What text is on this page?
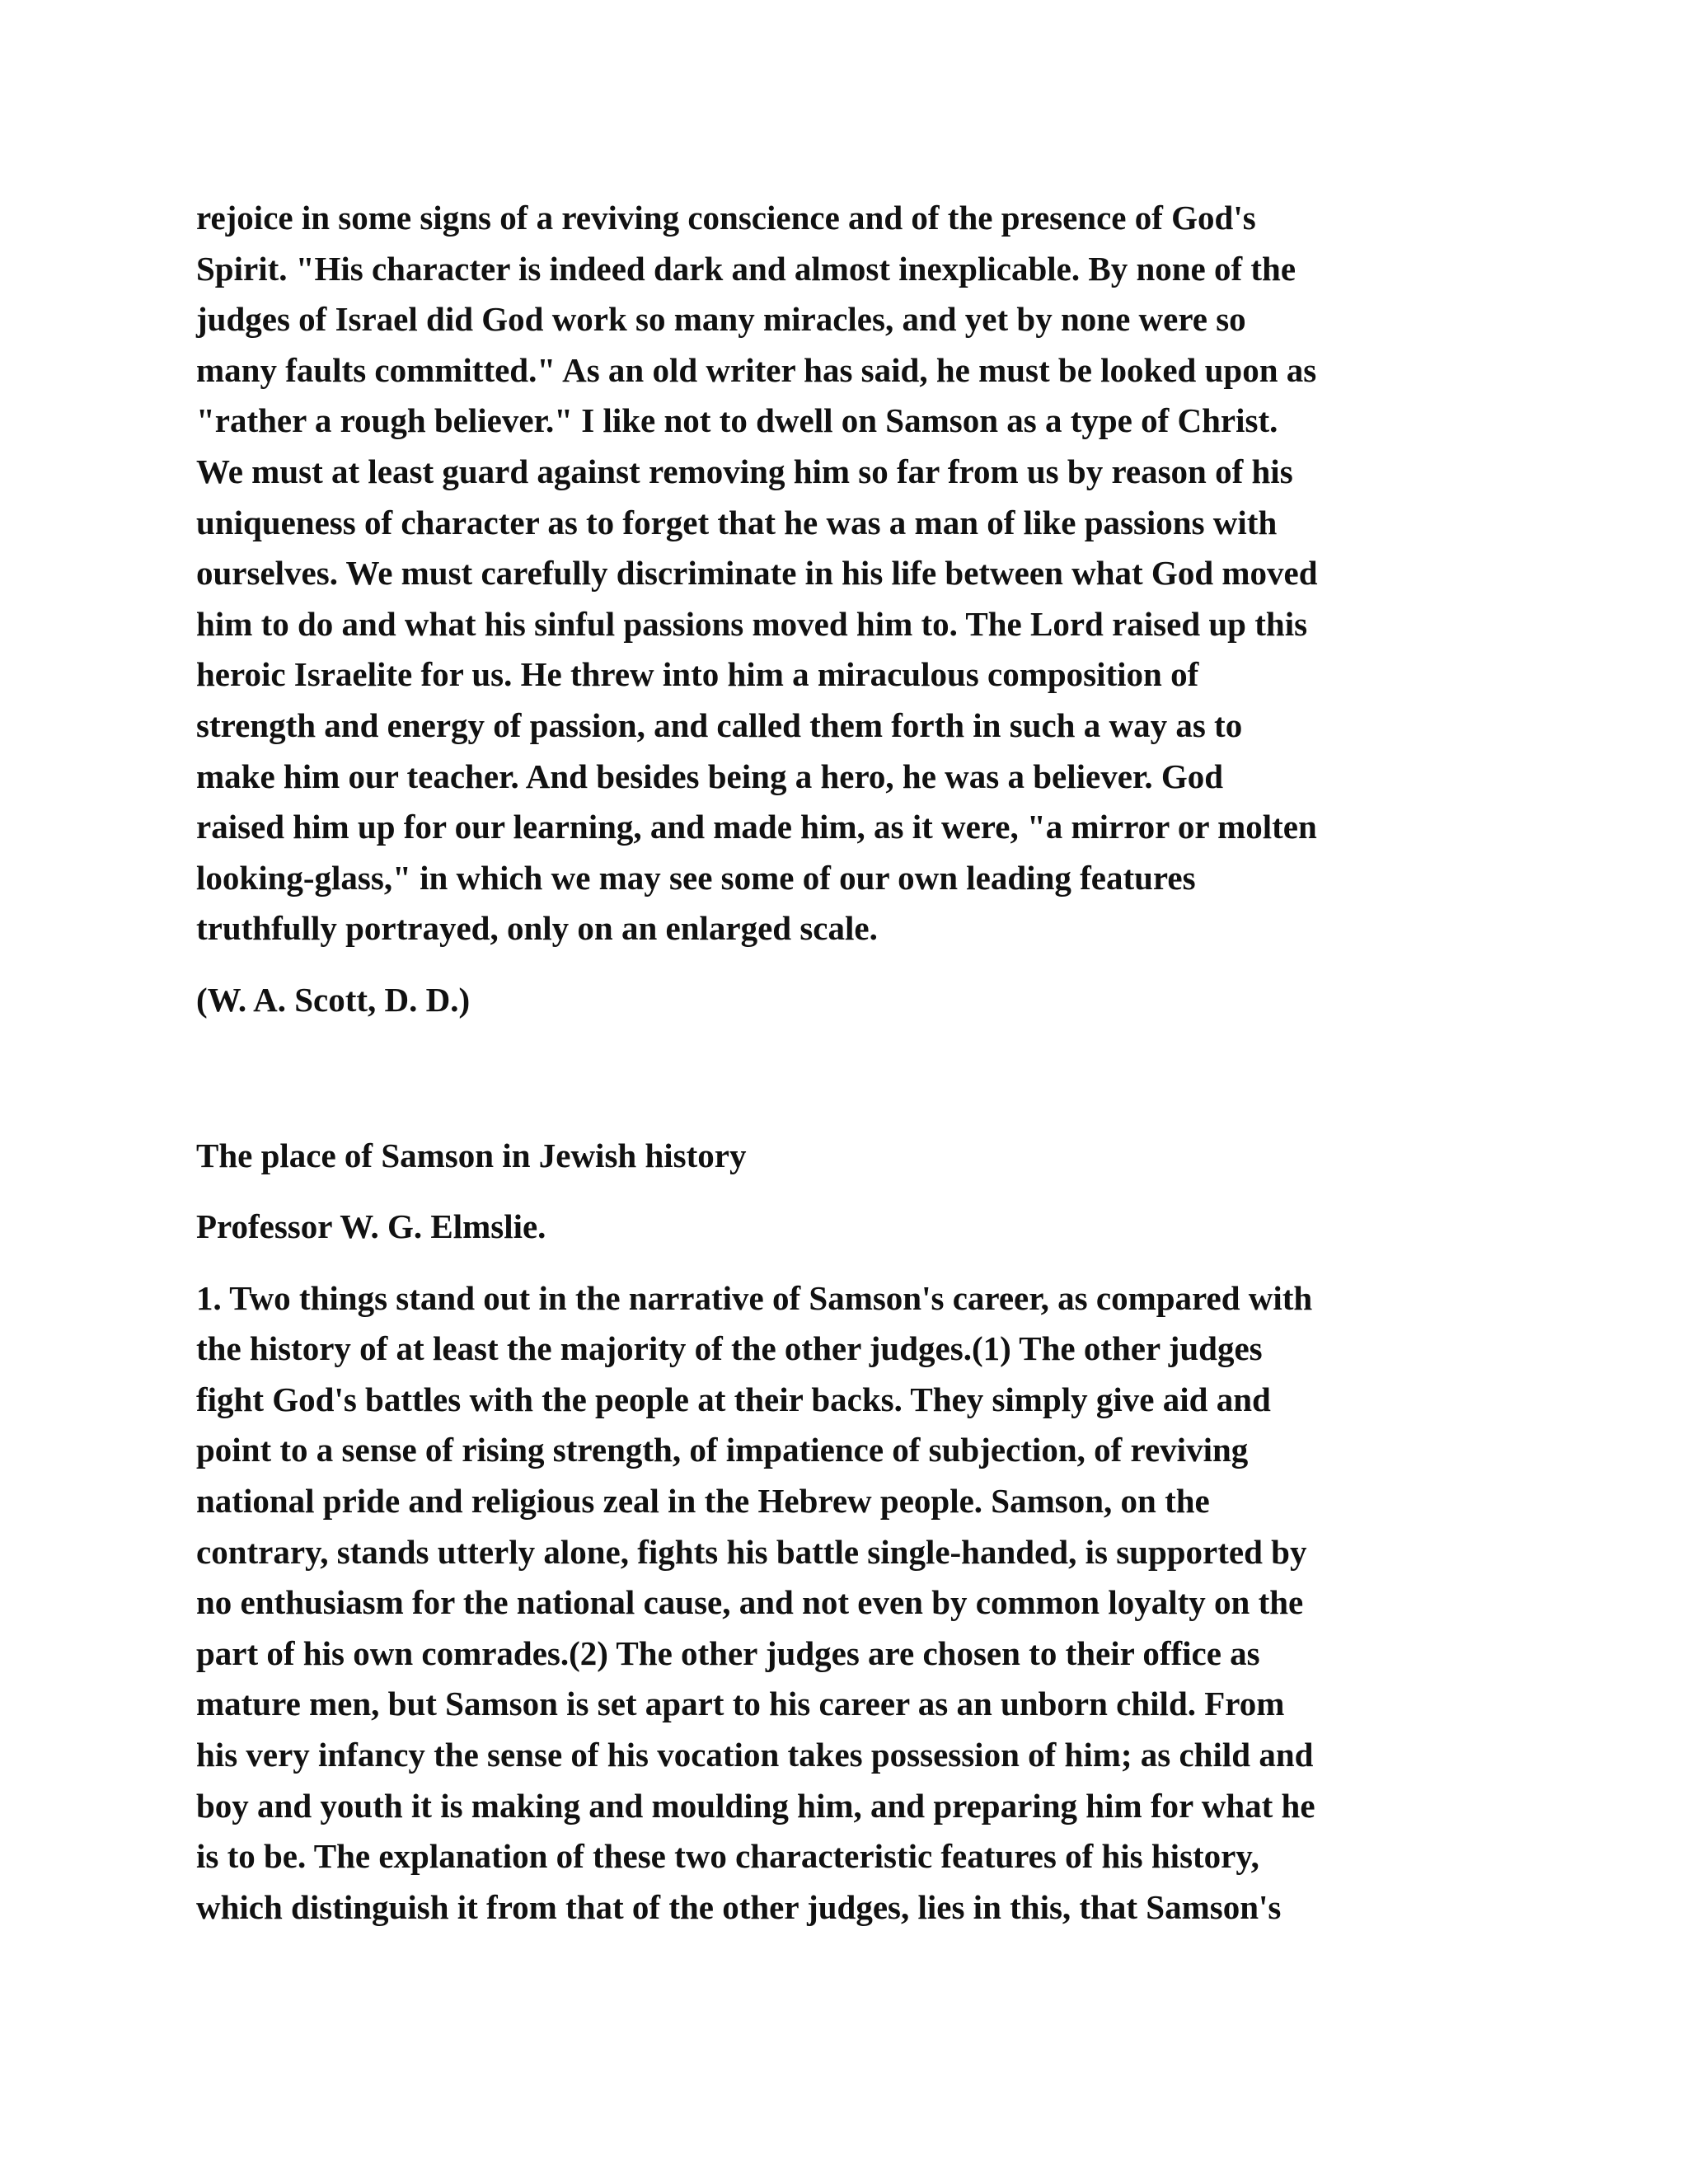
rejoice in some signs of a reviving conscience and of the presence of God's
Spirit. "His character is indeed dark and almost inexplicable. By none of the
judges of Israel did God work so many miracles, and yet by none were so
many faults committed." As an old writer has said, he must be looked upon as
"rather a rough believer." I like not to dwell on Samson as a type of Christ.
We must at least guard against removing him so far from us by reason of his
uniqueness of character as to forget that he was a man of like passions with
ourselves. We must carefully discriminate in his life between what God moved
him to do and what his sinful passions moved him to. The Lord raised up this
heroic Israelite for us. He threw into him a miraculous composition of
strength and energy of passion, and called them forth in such a way as to
make him our teacher. And besides being a hero, he was a believer. God
raised him up for our learning, and made him, as it were, "a mirror or molten
looking-glass," in which we may see some of our own leading features
truthfully portrayed, only on an enlarged scale.
(W. A. Scott, D. D.)
The place of Samson in Jewish history
Professor W. G. Elmslie.
1. Two things stand out in the narrative of Samson's career, as compared with
the history of at least the majority of the other judges.(1) The other judges
fight God's battles with the people at their backs. They simply give aid and
point to a sense of rising strength, of impatience of subjection, of reviving
national pride and religious zeal in the Hebrew people. Samson, on the
contrary, stands utterly alone, fights his battle single-handed, is supported by
no enthusiasm for the national cause, and not even by common loyalty on the
part of his own comrades.(2) The other judges are chosen to their office as
mature men, but Samson is set apart to his career as an unborn child. From
his very infancy the sense of his vocation takes possession of him; as child and
boy and youth it is making and moulding him, and preparing him for what he
is to be. The explanation of these two characteristic features of his history,
which distinguish it from that of the other judges, lies in this, that Samson's
